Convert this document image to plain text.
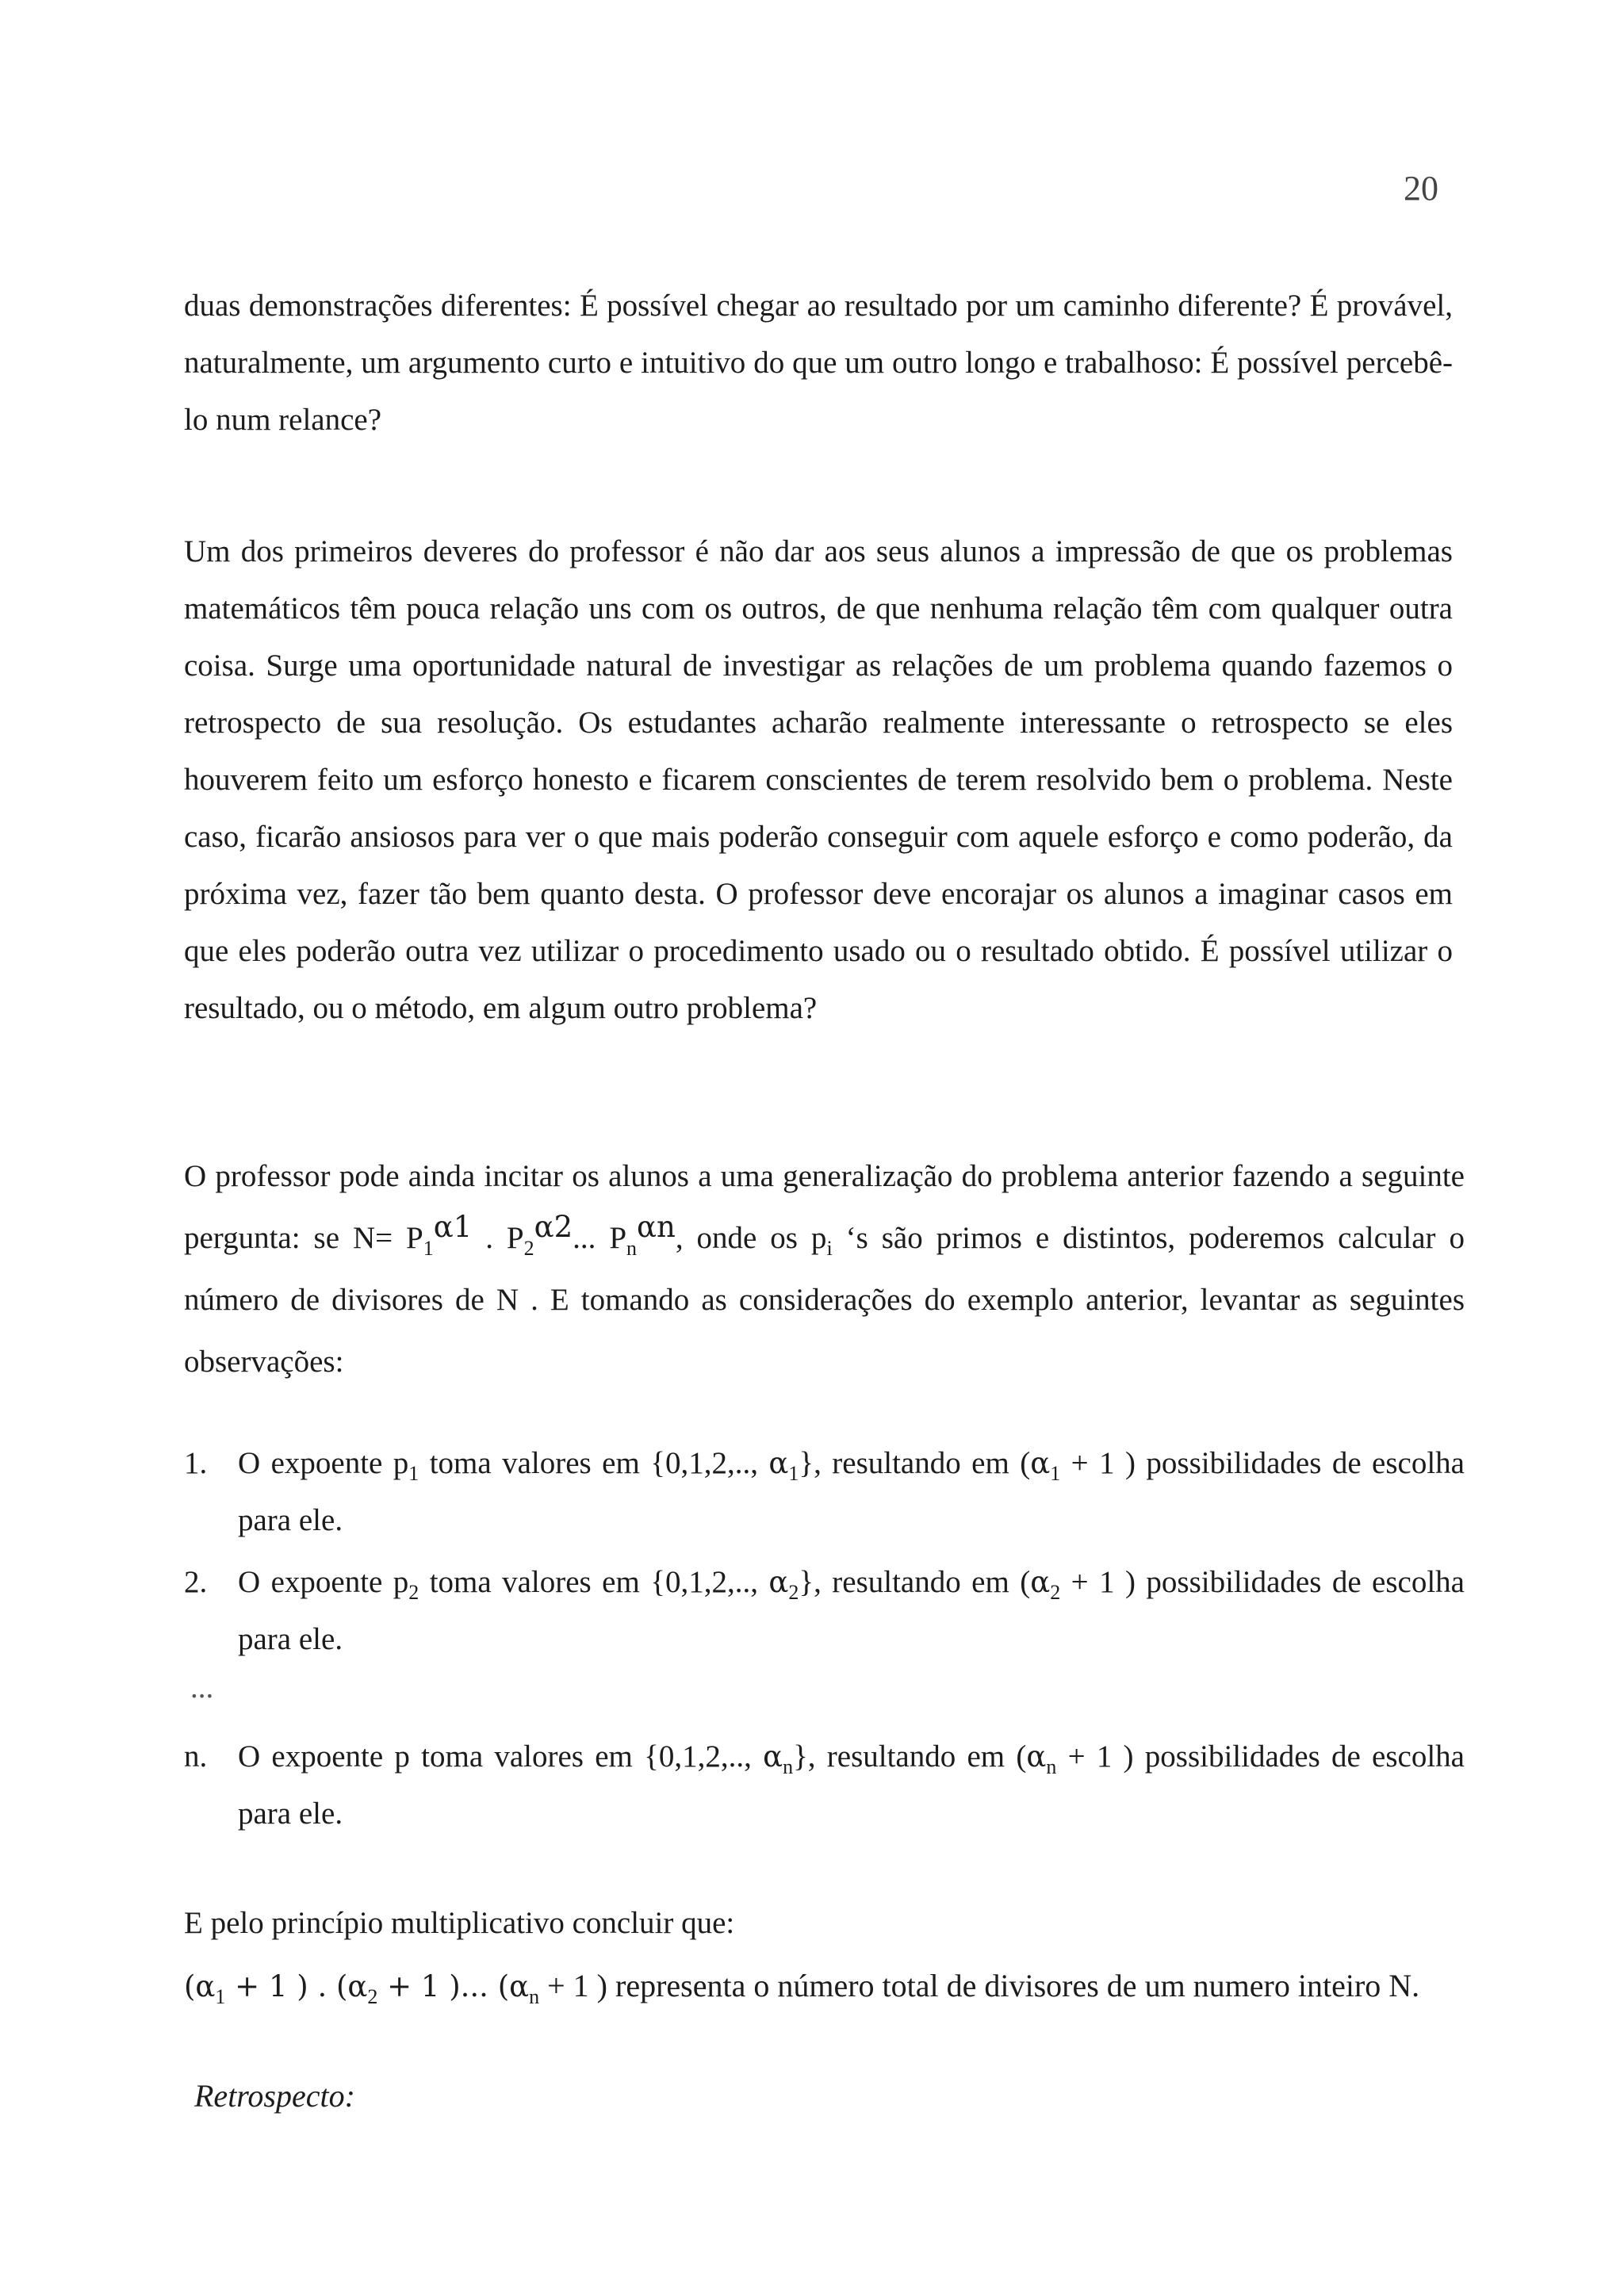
20

duas demonstrações diferentes: É possível chegar ao resultado por um caminho diferente? É provável, naturalmente, um argumento curto e intuitivo do que um outro longo e trabalhoso: É possível percebê-lo num relance?

Um dos primeiros deveres do professor é não dar aos seus alunos a impressão de que os problemas matemáticos têm pouca relação uns com os outros, de que nenhuma relação têm com qualquer outra coisa. Surge uma oportunidade natural de investigar as relações de um problema quando fazemos o retrospecto de sua resolução. Os estudantes acharão realmente interessante o retrospecto se eles houverem feito um esforço honesto e ficarem conscientes de terem resolvido bem o problema. Neste caso, ficarão ansiosos para ver o que mais poderão conseguir com aquele esforço e como poderão, da próxima vez, fazer tão bem quanto desta. O professor deve encorajar os alunos a imaginar casos em que eles poderão outra vez utilizar o procedimento usado ou o resultado obtido. É possível utilizar o resultado, ou o método, em algum outro problema?

O professor pode ainda incitar os alunos a uma generalização do problema anterior fazendo a seguinte pergunta: se $N= P_1^{\alpha 1}$ . $P_2^{\alpha 2}$... $P_n^{\alpha n}$, onde os $p_i$ ‘s são primos e distintos, poderemos calcular o número de divisores de N . E tomando as considerações do exemplo anterior, levantar as seguintes observações:

1. O expoente $p_1$ toma valores em {0,1,2,.., $\alpha_1$}, resultando em ($\alpha_1 + 1$ ) possibilidades de escolha para ele.
2. O expoente $p_2$ toma valores em {0,1,2,.., $\alpha_2$}, resultando em ($\alpha_2 + 1$ ) possibilidades de escolha para ele.
...
n. O expoente p toma valores em {0,1,2,.., $\alpha_n$}, resultando em ($\alpha_n + 1$ ) possibilidades de escolha para ele.

E pelo princípio multiplicativo concluir que:

($\alpha_1 + 1$ ) . ($\alpha_2 + 1$ )... ($\alpha_n + 1$ ) representa o número total de divisores de um numero inteiro N.

Retrospecto:
